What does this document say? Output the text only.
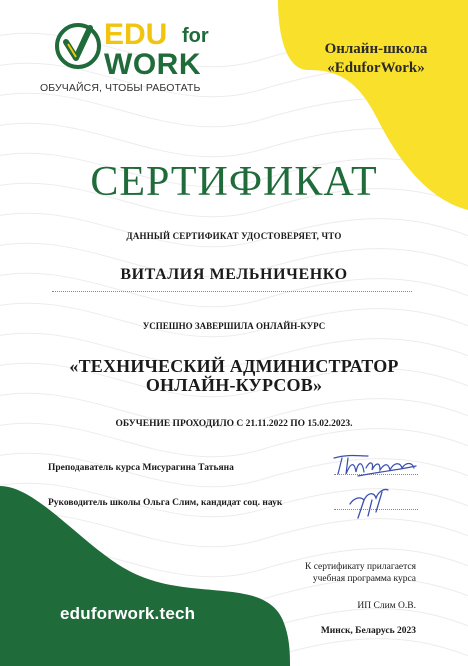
EDU for
WORK
ОБУЧАЙСЯ, ЧТОБЫ РАБОТАТЬ
Онлайн-школа
«EduforWork»
СЕРТИФИКАТ
ДАННЫЙ СЕРТИФИКАТ УДОСТОВЕРЯЕТ, ЧТО
ВИТАЛИЯ МЕЛЬНИЧЕНКО
УСПЕШНО ЗАВЕРШИЛА ОНЛАЙН-КУРС
«ТЕХНИЧЕСКИЙ АДМИНИСТРАТОР
ОНЛАЙН-КУРСОВ»
ОБУЧЕНИЕ ПРОХОДИЛО С 21.11.2022 ПО 15.02.2023.
Преподаватель курса Мисурагина Татьяна
Руководитель школы Ольга Слим, кандидат соц. наук
К сертификату прилагается
учебная программа курса
ИП Слим О.В.
Минск, Беларусь 2023
eduforwork.tech
